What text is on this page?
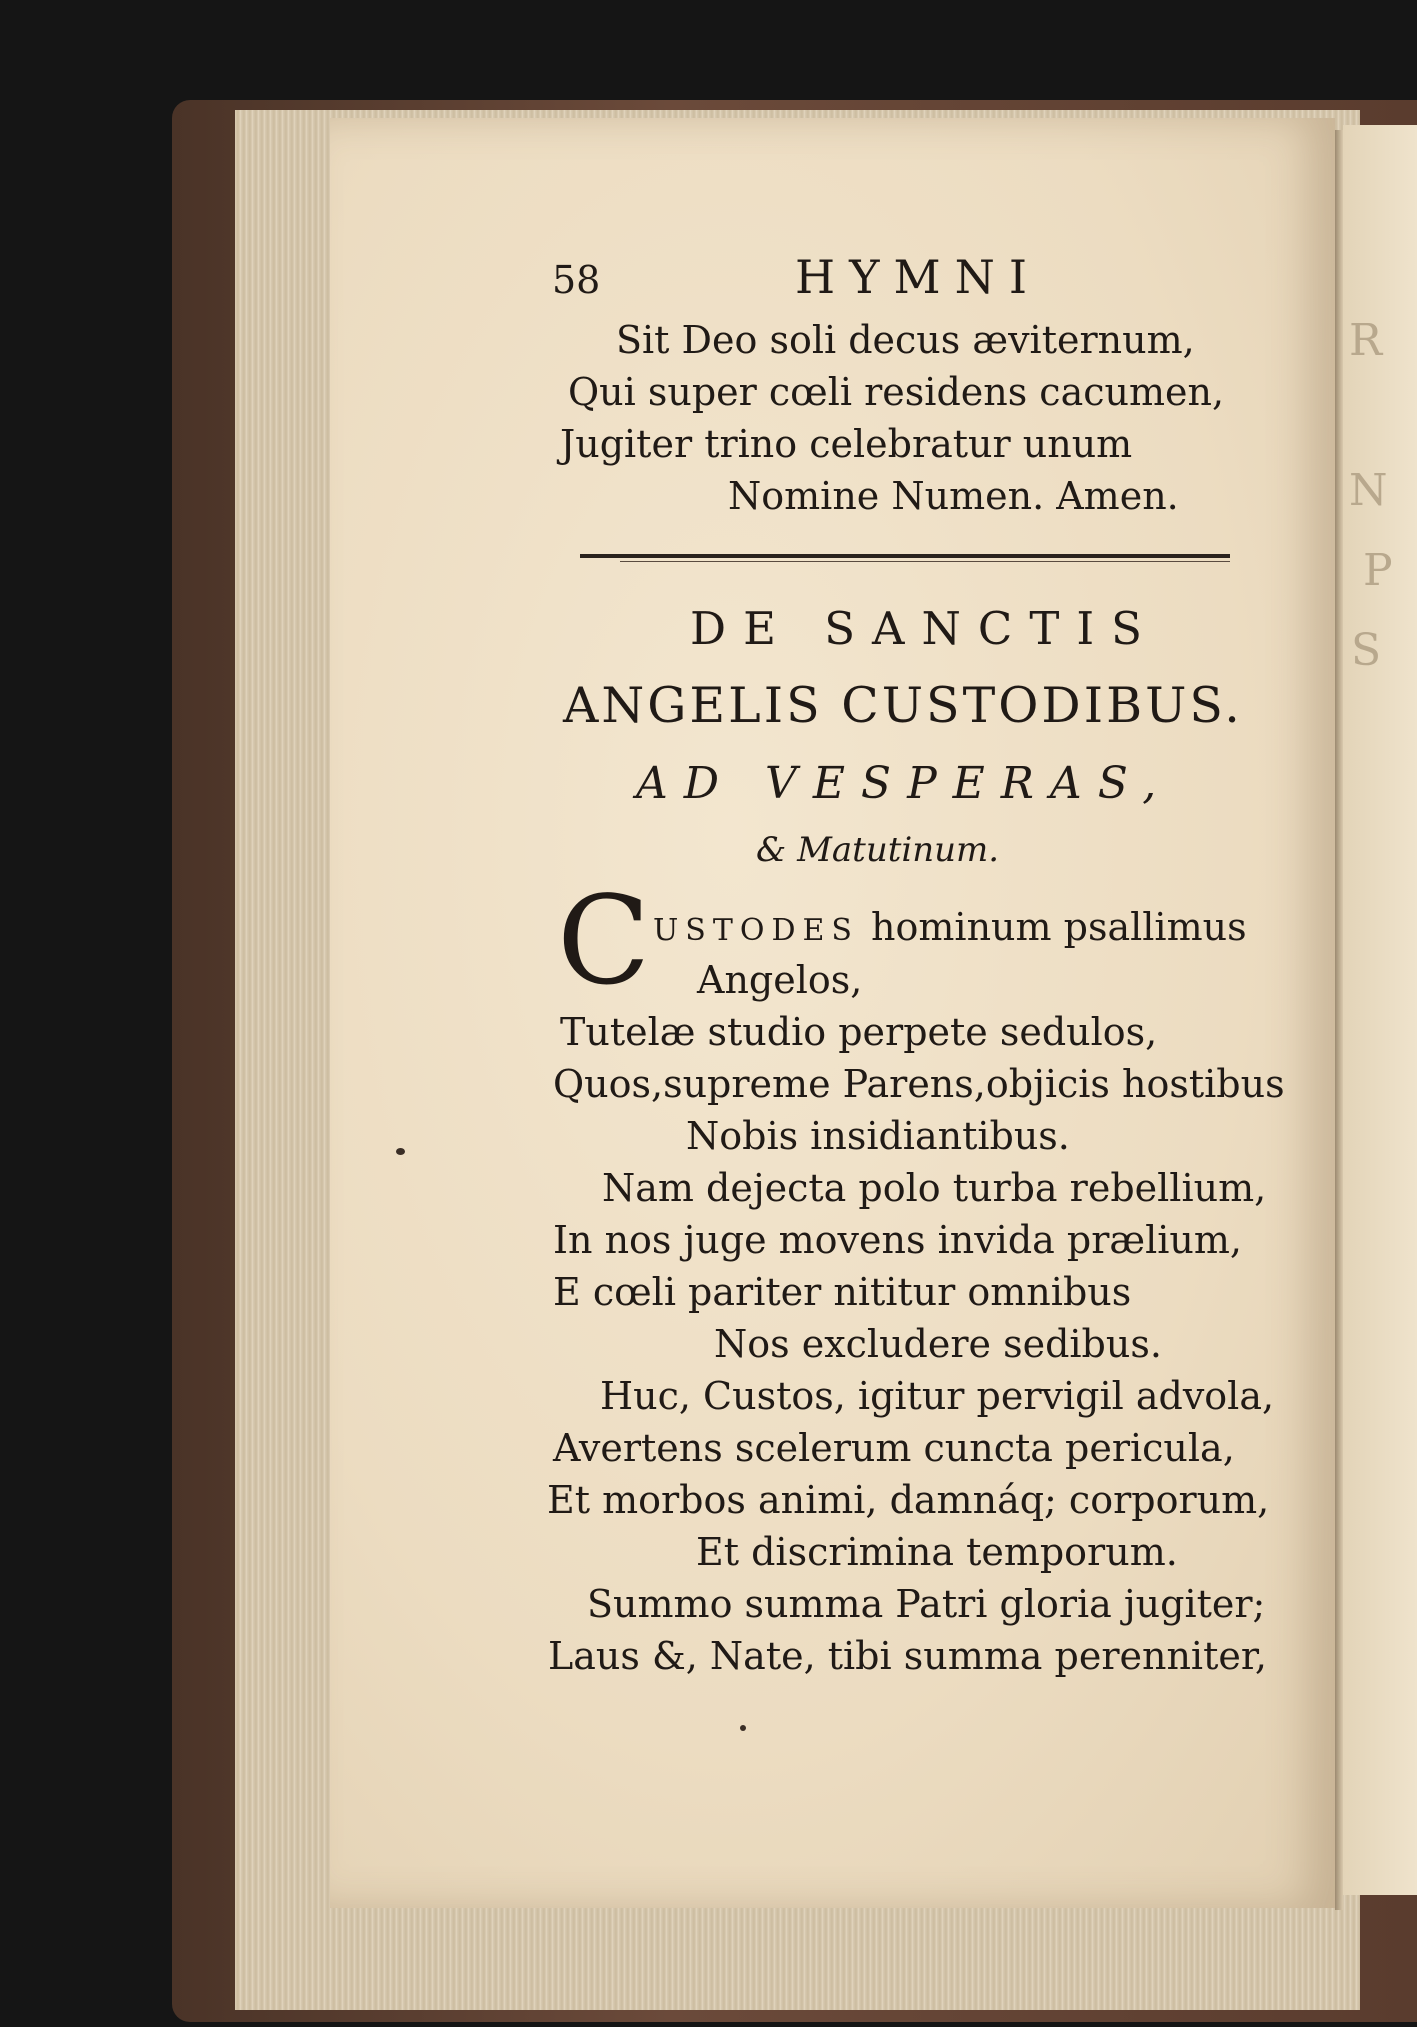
R
N
P
S
58	HYMNI
Sit Deo soli decus æviternum,
Qui super cœli residens cacumen,
Jugiter trino celebratur unum
Nomine Numen. Amen.
DE SANCTIS
ANGELIS CUSTODIBUS.
AD VESPERAS,
& Matutinum.
C USTODES hominum psallimus
Angelos,
Tutelæ studio perpete sedulos,
Quos,supreme Parens,objicis hostibus
Nobis insidiantibus.
Nam dejecta polo turba rebellium,
In nos juge movens invida prælium,
E cœli pariter nititur omnibus
Nos excludere sedibus.
Huc, Custos, igitur pervigil advola,
Avertens scelerum cuncta pericula,
Et morbos animi, damnáq; corporum,
Et discrimina temporum.
Summo summa Patri gloria jugiter;
Laus &, Nate, tibi summa perenniter,
